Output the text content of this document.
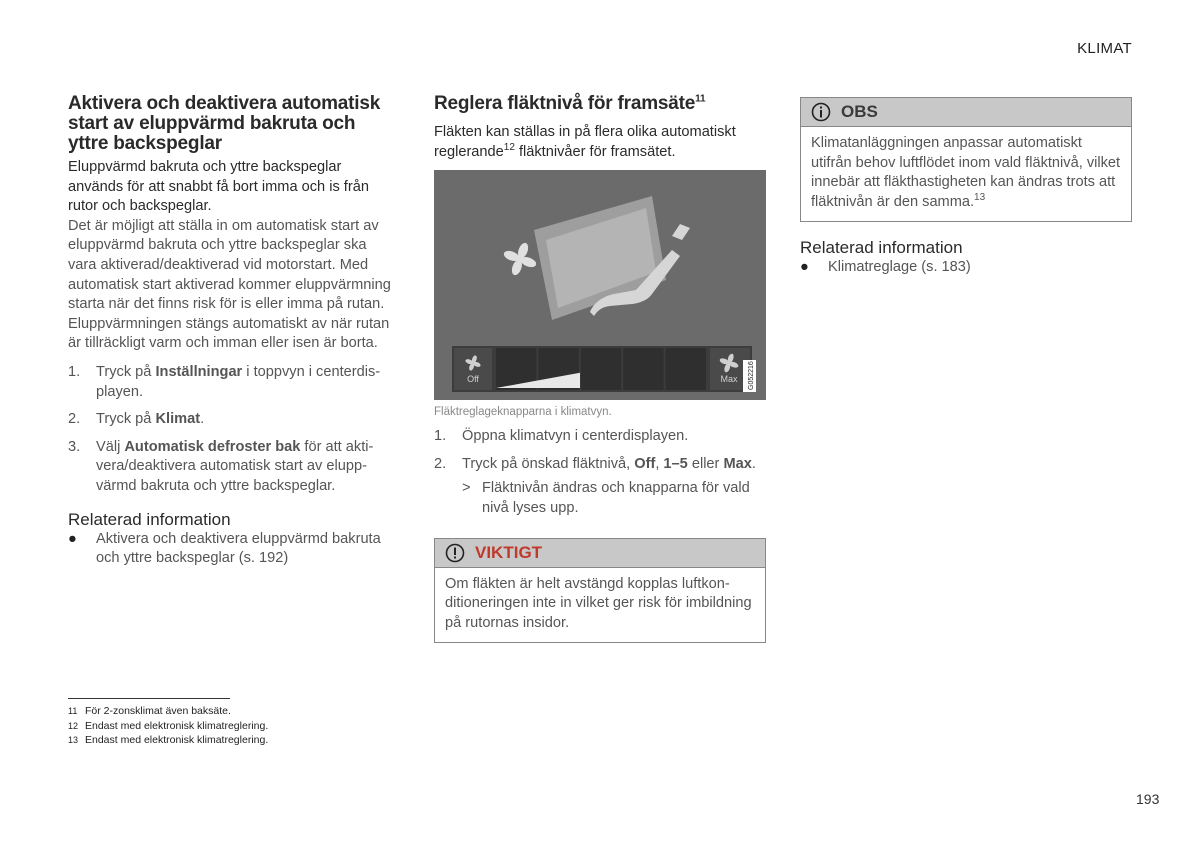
KLIMAT
Aktivera och deaktivera automatisk start av eluppvärmd bakruta och yttre backspeglar

Eluppvärmd bakruta och yttre backspeglar används för att snabbt få bort imma och is från rutor och backspeglar.

Det är möjligt att ställa in om automatisk start av eluppvärmd bakruta och yttre backspeglar ska vara aktiverad/deaktiverad vid motorstart. Med automatisk start aktiverad kommer eluppvärmning starta när det finns risk för is eller imma på rutan. Eluppvärmningen stängs automatiskt av när rutan är tillräckligt varm och imman eller isen är borta.

1. Tryck på Inställningar i toppvyn i centerdisplayen.
2. Tryck på Klimat.
3. Välj Automatisk defroster bak för att aktivera/deaktivera automatisk start av eluppvärmd bakruta och yttre backspeglar.
Relaterad information
● Aktivera och deaktivera eluppvärmd bakruta och yttre backspeglar (s. 192)
Reglera fläktnivå för framsäte$^{11}$

Fläkten kan ställas in på flera olika automatiskt reglerande$^{12}$ fläktnivåer för framsätet.

Off	Max G052216
Fläktreglageknapparna i klimatvyn.
1. Öppna klimatvyn i centerdisplayen.
2. Tryck på önskad fläktnivå, Off, 1–5 eller Max.
> Fläktnivån ändras och knapparna för vald nivå lyses upp.
VIKTIGT
Om fläkten är helt avstängd kopplas luftkonditioneringen inte in vilket ger risk för imbildning på rutornas insidor.
OBS
Klimatanläggningen anpassar automatiskt utifrån behov luftflödet inom vald fläktnivå, vilket innebär att fläkthastigheten kan ändras trots att fläktnivån är den samma.$^{13}$
Relaterad information
● Klimatreglage (s. 183)
11 För 2-zonsklimat även baksäte.
12 Endast med elektronisk klimatreglering.
13 Endast med elektronisk klimatreglering.
193
